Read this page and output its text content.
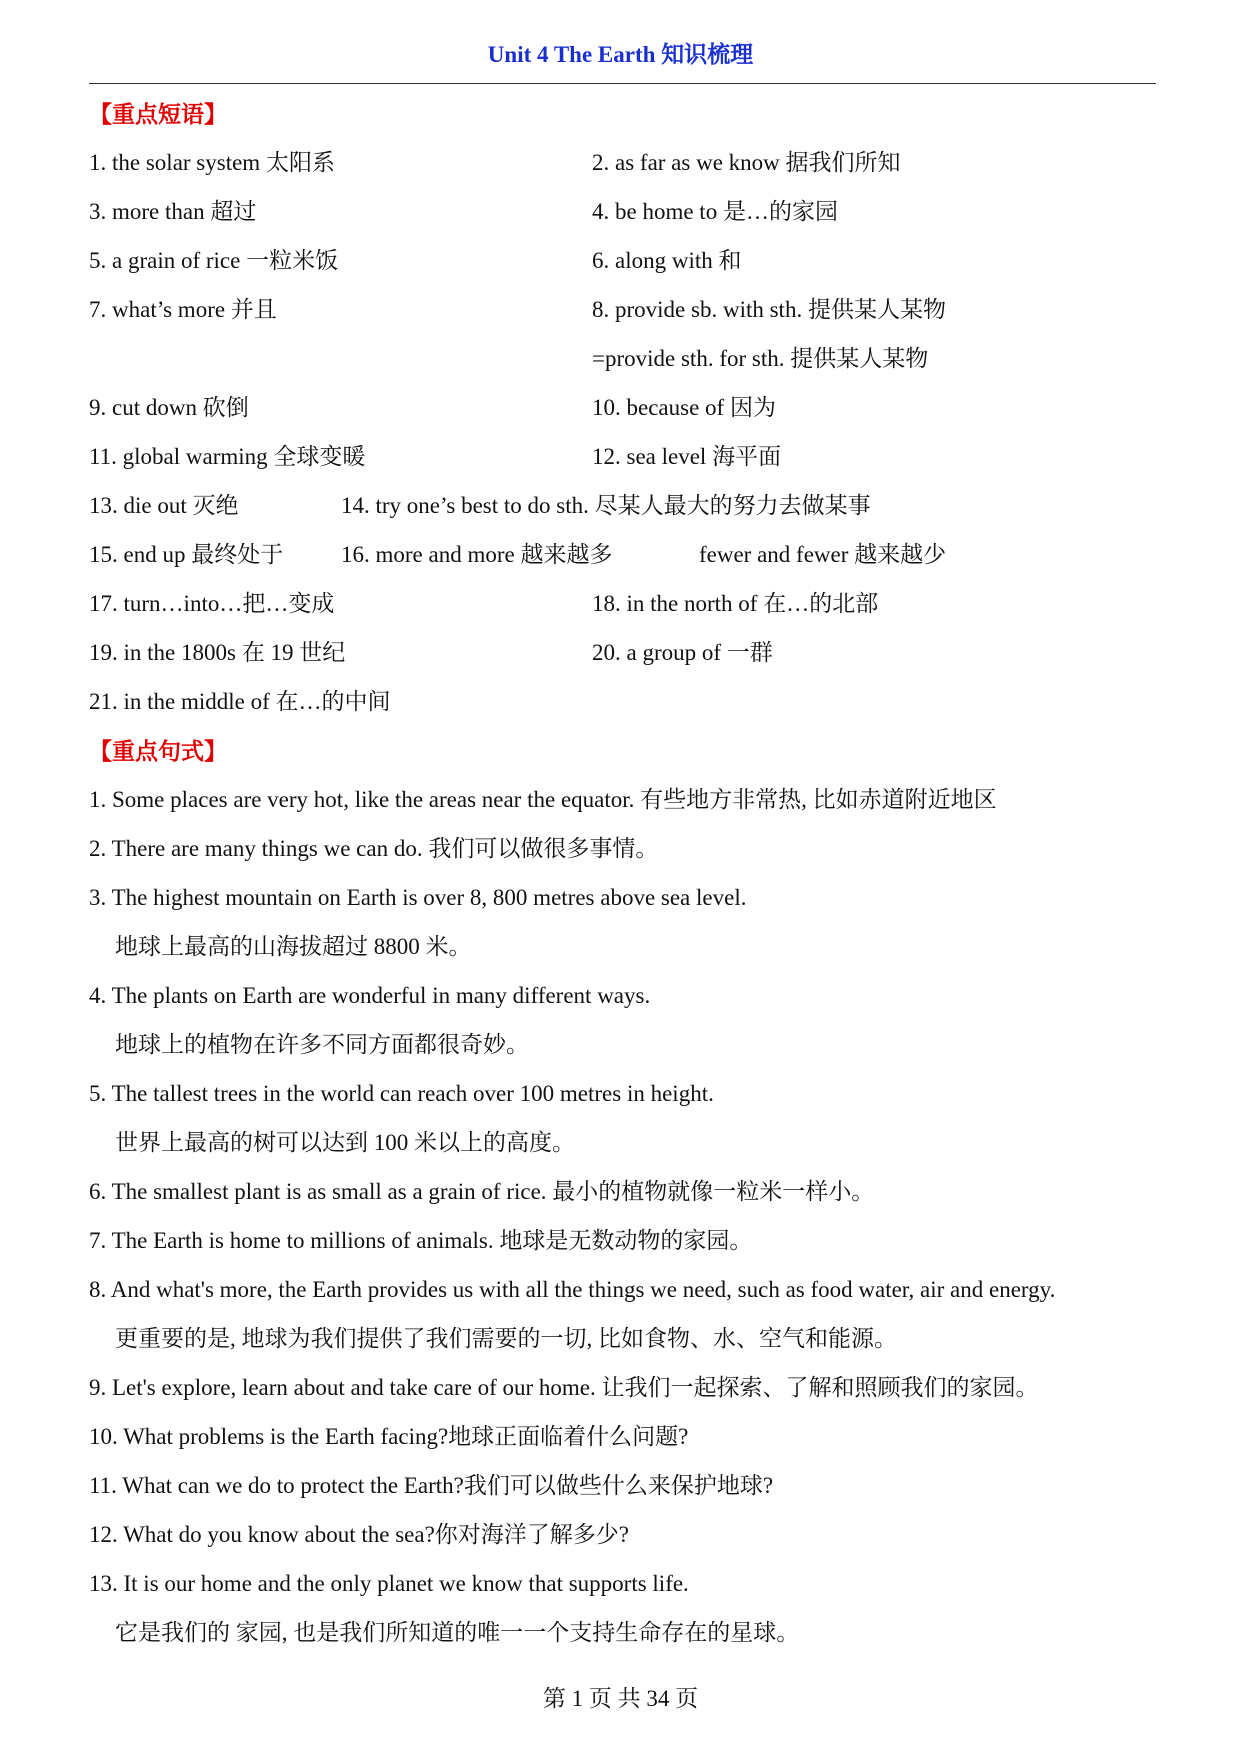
Unit 4 The Earth 知识梳理
【重点短语】
1. the solar system 太阳系	2. as far as we know 据我们所知
3. more than 超过	4. be home to 是…的家园
5. a grain of rice 一粒米饭	6. along with 和
7. what’s more 并且	8. provide sb. with sth. 提供某人某物
=provide sth. for sth. 提供某人某物
9. cut down 砍倒	10. because of 因为
11. global warming 全球变暖	12. sea level 海平面
13. die out 灭绝	14. try one’s best to do sth. 尽某人最大的努力去做某事
15. end up 最终处于	16. more and more 越来越多	fewer and fewer 越来越少
17. turn…into…把…变成	18. in the north of 在…的北部
19. in the 1800s 在 19 世纪	20. a group of 一群
21. in the middle of 在…的中间
【重点句式】
1. Some places are very hot, like the areas near the equator. 有些地方非常热, 比如赤道附近地区
2. There are many things we can do. 我们可以做很多事情。
3. The highest mountain on Earth is over 8, 800 metres above sea level.
地球上最高的山海拔超过 8800 米。
4. The plants on Earth are wonderful in many different ways.
地球上的植物在许多不同方面都很奇妙。
5. The tallest trees in the world can reach over 100 metres in height.
世界上最高的树可以达到 100 米以上的高度。
6. The smallest plant is as small as a grain of rice. 最小的植物就像一粒米一样小。
7. The Earth is home to millions of animals. 地球是无数动物的家园。
8. And what's more, the Earth provides us with all the things we need, such as food water, air and energy.
更重要的是, 地球为我们提供了我们需要的一切, 比如食物、水、空气和能源。
9. Let's explore, learn about and take care of our home. 让我们一起探索、了解和照顾我们的家园。
10. What problems is the Earth facing?地球正面临着什么问题?
11. What can we do to protect the Earth?我们可以做些什么来保护地球?
12. What do you know about the sea?你对海洋了解多少?
13. It is our home and the only planet we know that supports life.
它是我们的 家园, 也是我们所知道的唯一一个支持生命存在的星球。
第 1 页 共 34 页
